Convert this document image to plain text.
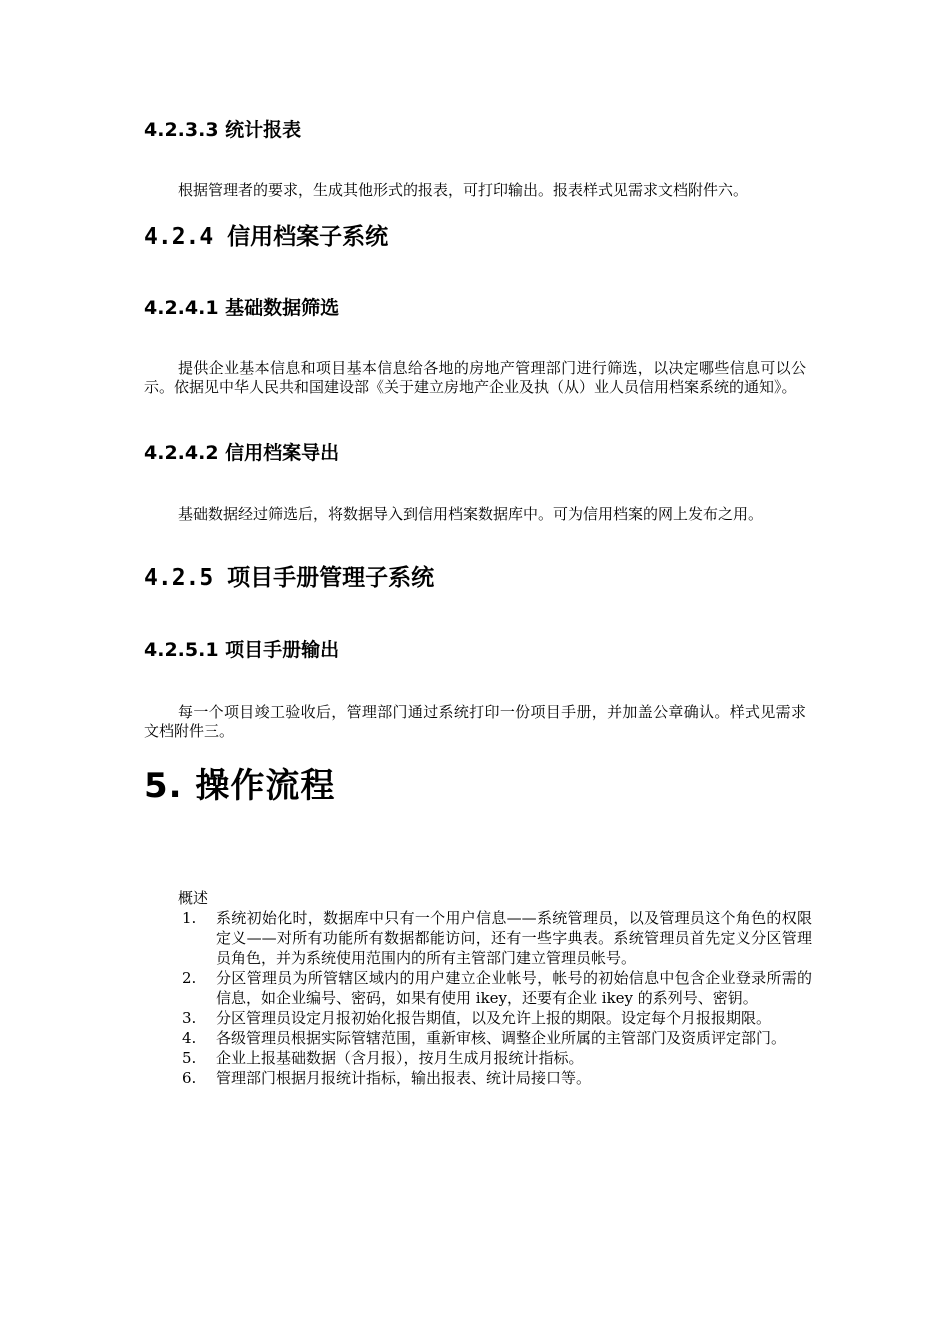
4.2.3.3 统计报表

根据管理者的要求，生成其他形式的报表，可打印输出。报表样式见需求文档附件六。

4.2.4 信用档案子系统
4.2.4.1 基础数据筛选

提供企业基本信息和项目基本信息给各地的房地产管理部门进行筛选，以决定哪些信息可以公示。依据见中华人民共和国建设部《关于建立房地产企业及执（从）业人员信用档案系统的通知》。

4.2.4.2 信用档案导出

基础数据经过筛选后，将数据导入到信用档案数据库中。可为信用档案的网上发布之用。

4.2.5 项目手册管理子系统
4.2.5.1 项目手册输出

每一个项目竣工验收后，管理部门通过系统打印一份项目手册，并加盖公章确认。样式见需求文档附件三。

5. 操作流程

概述

1. 系统初始化时，数据库中只有一个用户信息——系统管理员，以及管理员这个角色的权限定义——对所有功能所有数据都能访问，还有一些字典表。系统管理员首先定义分区管理员角色，并为系统使用范围内的所有主管部门建立管理员帐号。
2. 分区管理员为所管辖区域内的用户建立企业帐号，帐号的初始信息中包含企业登录所需的信息，如企业编号、密码，如果有使用 ikey，还要有企业 ikey 的系列号、密钥。
3. 分区管理员设定月报初始化报告期值，以及允许上报的期限。设定每个月报报期限。
4. 各级管理员根据实际管辖范围，重新审核、调整企业所属的主管部门及资质评定部门。
5. 企业上报基础数据（含月报），按月生成月报统计指标。
6. 管理部门根据月报统计指标，输出报表、统计局接口等。
